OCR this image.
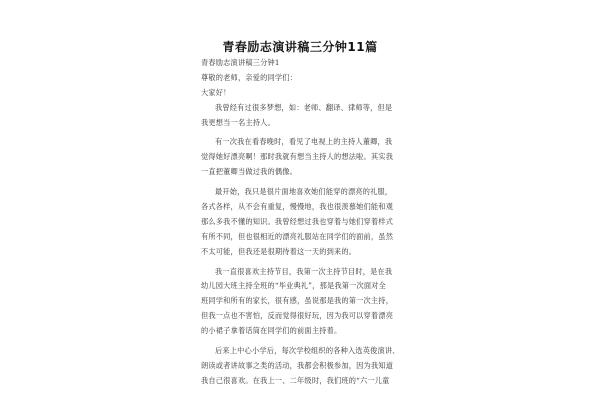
青春励志演讲稿三分钟11篇
青春励志演讲稿三分钟1
尊敬的老师，亲爱的同学们：
大家好！
我曾经有过很多梦想，如：老师、翻译、律师等，但是
我更想当一名主持人。
有一次我在看春晚时，看见了电视上的主持人董卿，我
觉得她好漂亮啊！那时我就有想当主持人的想法啦。其实我
一直把董卿当做过我的偶像。
最开始，我只是很片面地喜欢她们能穿的漂亮的礼服，
各式各样，从不会有重复，慢慢地，我也很羡慕她们能和观
那么多我不懂的知识。我曾经想过我也穿着与她们穿着样式
有所不同，但也很相近的漂亮礼服站在同学们的面前，虽然
不太可能，但我还是很期待着这一天的到来的。
我一直很喜欢主持节目，我第一次主持节目时，是在我
幼儿园大班主持全班的“毕业典礼”，那是我第一次面对全
班同学和所有的家长，很有感，虽说那是我的第一次主持，
但我一点也不害怕，反而觉得很好玩，因为我可以穿着漂亮
的小裙子拿着话筒在同学们的前面主持着。
后来上中心小学后，每次学校组织的各种入选英俊演讲、
朗读或者讲故事之类的活动，我都会积极参加，因为我知道
我自己很喜欢。在我上一、二年级时，我们班的“六一儿童
